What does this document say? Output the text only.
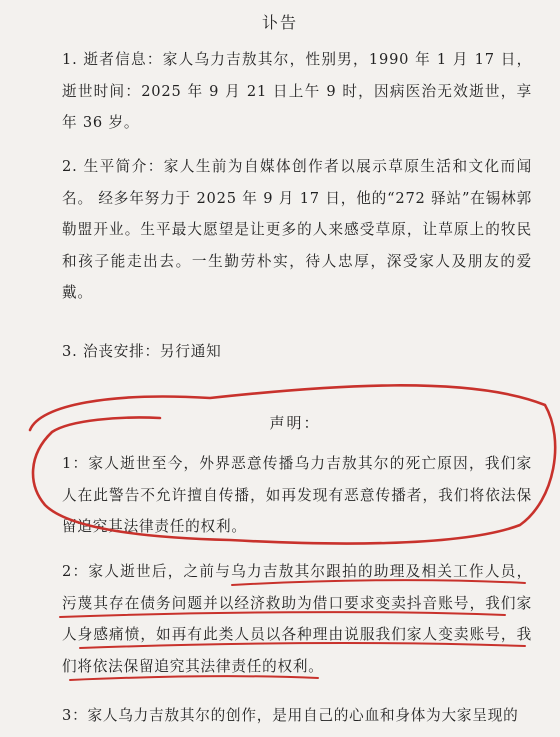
讣告

1. 逝者信息：家人乌力吉敖其尔，性别男，1990 年 1 月 17 日，逝世时间：2025 年 9 月 21 日上午 9 时，因病医治无效逝世，享年 36 岁。

2. 生平简介：家人生前为自媒体创作者以展示草原生活和文化而闻名。 经多年努力于 2025 年 9 月 17 日，他的“272 驿站”在锡林郭勒盟开业。生平最大愿望是让更多的人来感受草原，让草原上的牧民和孩子能走出去。一生勤劳朴实，待人忠厚，深受家人及朋友的爱戴。

3. 治丧安排：另行通知

声明：

1：家人逝世至今，外界恶意传播乌力吉敖其尔的死亡原因，我们家人在此警告不允许擅自传播，如再发现有恶意传播者，我们将依法保留追究其法律责任的权利。

2：家人逝世后，之前与乌力吉敖其尔跟拍的助理及相关工作人员，污蔑其存在债务问题并以经济救助为借口要求变卖抖音账号，我们家人身感痛愤，如再有此类人员以各种理由说服我们家人变卖账号，我们将依法保留追究其法律责任的权利。

3：家人乌力吉敖其尔的创作，是用自己的心血和身体为大家呈现的
